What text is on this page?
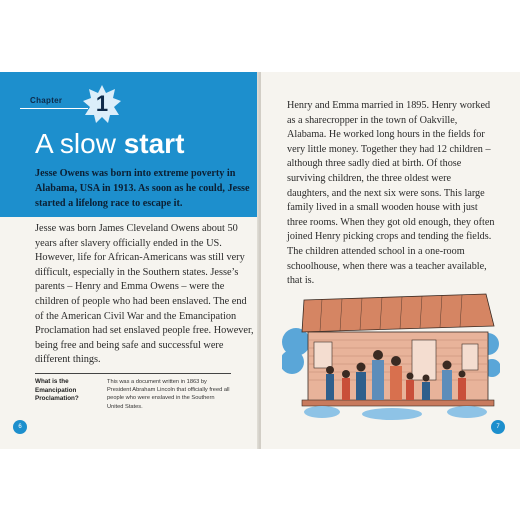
Chapter	1
A slow start
Jesse Owens was born into extreme poverty in Alabama, USA in 1913. As soon as he could, Jesse started a lifelong race to escape it.
Jesse was born James Cleveland Owens about 50 years after slavery officially ended in the US. However, life for African-Americans was still very difficult, especially in the Southern states. Jesse’s parents – Henry and Emma Owens – were the children of people who had been enslaved. The end of the American Civil War and the Emancipation Proclamation had set enslaved people free. However, being free and being safe and successful were different things.
What is the Emancipation Proclamation?
This was a document written in 1863 by President Abraham Lincoln that officially freed all people who were enslaved in the Southern United States.
6
Henry and Emma married in 1895. Henry worked as a sharecropper in the town of Oakville, Alabama. He worked long hours in the fields for very little money. Together they had 12 children – although three sadly died at birth. Of those surviving children, the three oldest were daughters, and the next six were sons. This large family lived in a small wooden house with just three rooms. When they got old enough, they often joined Henry picking crops and tending the fields. The children attended school in a one-room schoolhouse, when there was a teacher available, that is.
7
